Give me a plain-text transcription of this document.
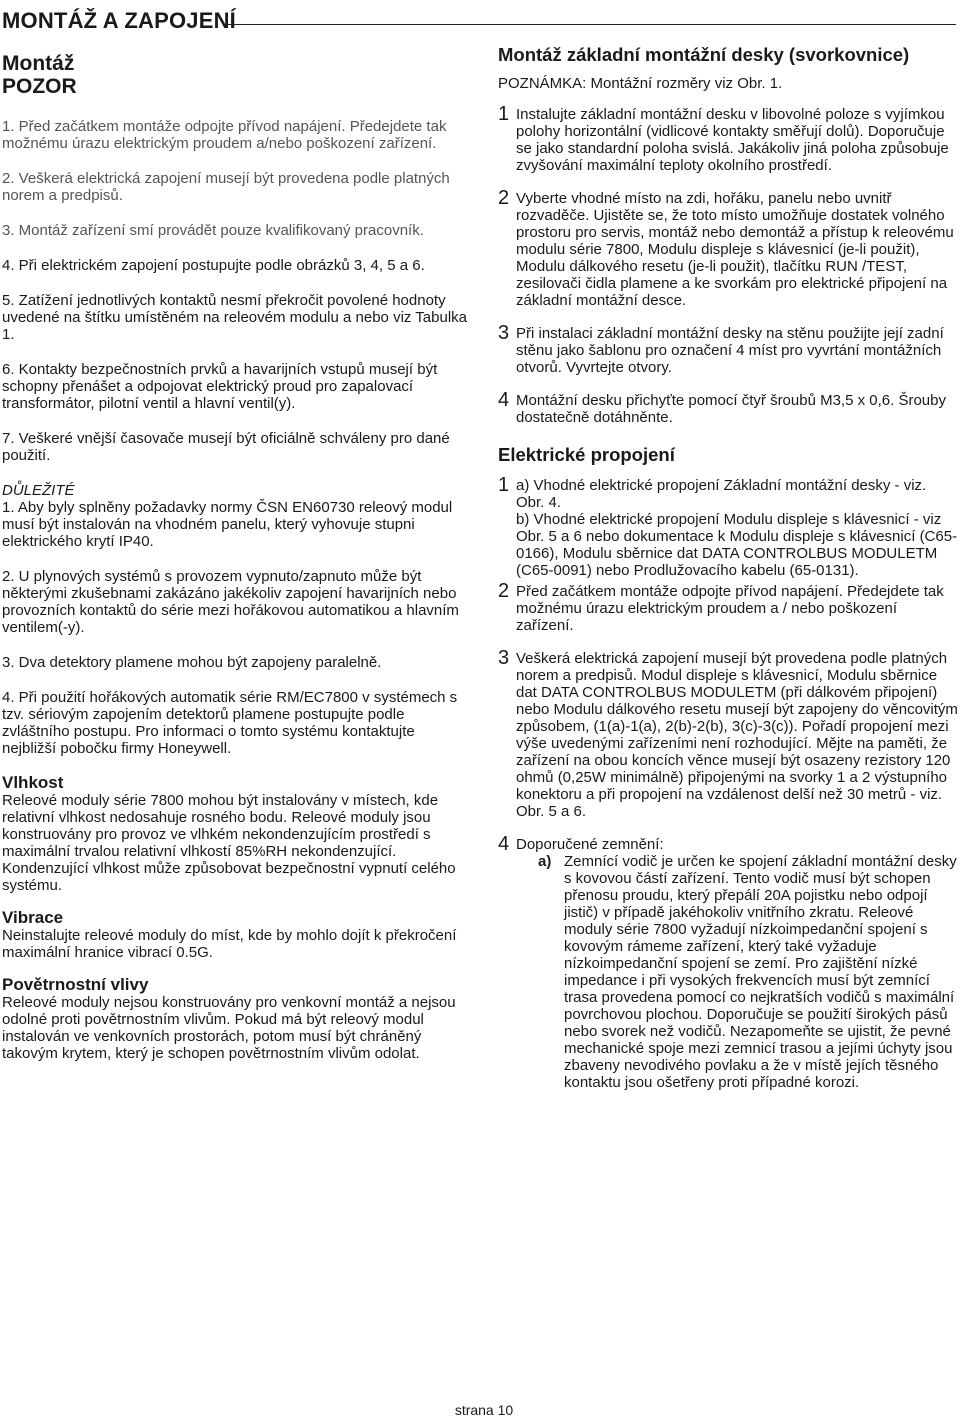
MONTÁŽ A ZAPOJENÍ

Montáž

POZOR

1. Před začátkem montáže odpojte přívod napájení. Předejdete tak možnému úrazu elektrickým proudem a/nebo poškození zařízení.

2. Veškerá elektrická zapojení musejí být provedena podle platných norem a predpisů.

3. Montáž zařízení smí provádět pouze kvalifikovaný pracovník.

4. Při elektrickém zapojení postupujte podle obrázků 3, 4, 5 a 6.

5. Zatížení jednotlivých kontaktů nesmí překročit povolené hodnoty uvedené na štítku umístěném na releovém modulu a nebo viz Tabulka 1.

6. Kontakty bezpečnostních prvků a havarijních vstupů musejí být schopny přenášet a odpojovat elektrický proud pro zapalovací transformátor, pilotní ventil a hlavní ventil(y).

7. Veškeré vnější časovače musejí být oficiálně schváleny pro dané použití.

DŮLEŽITÉ

1. Aby byly splněny požadavky normy ČSN EN60730 releový modul musí být instalován na vhodném panelu, který vyhovuje stupni elektrického krytí IP40.

2. U plynových systémů s provozem vypnuto/zapnuto může být některými zkušebnami zakázáno jakékoliv zapojení havarijních nebo provozních kontaktů do série mezi hořákovou automatikou a hlavním ventilem(-y).

3. Dva detektory plamene mohou být zapojeny paralelně.

4. Při použití hořákových automatik série RM/EC7800 v systémech s tzv. sériovým zapojením detektorů plamene postupujte podle zvláštního postupu. Pro informaci o tomto systému kontaktujte nejbližší pobočku firmy Honeywell.

Vlhkost

Releové moduly série 7800 mohou být instalovány v místech, kde relativní vlhkost nedosahuje rosného bodu. Releové moduly jsou konstruovány pro provoz ve vlhkém nekondenzujícím prostředí s maximální trvalou relativní vlhkostí 85%RH nekondenzující. Kondenzující vlhkost může způsobovat bezpečnostní vypnutí celého systému.

Vibrace

Neinstalujte releové moduly do míst, kde by mohlo dojít k překročení maximální hranice vibrací 0.5G.

Povětrnostní vlivy

Releové moduly nejsou konstruovány pro venkovní montáž a nejsou odolné proti povětrnostním vlivům. Pokud má být releový modul instalován ve venkovních prostorách, potom musí být chráněný takovým krytem, který je schopen povětrnostním vlivům odolat.

Montáž základní montážní desky (svorkovnice)

POZNÁMKA: Montážní rozměry viz Obr. 1.

1 Instalujte základní montážní desku v libovolné poloze s vyjímkou polohy horizontální (vidlicové kontakty směřují dolů). Doporučuje se jako standardní poloha svislá. Jakákoliv jiná poloha způsobuje zvyšování maximální teploty okolního prostředí.

2 Vyberte vhodné místo na zdi, hořáku, panelu nebo uvnitř rozvaděče. Ujistěte se, že toto místo umožňuje dostatek volného prostoru pro servis, montáž nebo demontáž a přístup k releovému modulu série 7800, Modulu displeje s klávesnicí (je-li použit), Modulu dálkového resetu (je-li použit), tlačítku RUN /TEST, zesilovači čidla plamene a ke svorkám pro elektrické připojení na základní montážní desce.

3 Při instalaci základní montážní desky na stěnu použijte její zadní stěnu jako šablonu pro označení 4 míst pro vyvrtání montážních otvorů. Vyvrtejte otvory.

4 Montážní desku přichyťte pomocí čtyř šroubů M3,5 x 0,6. Šrouby dostatečně dotáhněnte.

Elektrické propojení

1 a) Vhodné elektrické propojení Základní montážní desky - viz. Obr. 4.

b) Vhodné elektrické propojení Modulu displeje s klávesnicí - viz Obr. 5 a 6 nebo dokumentace k Modulu displeje s klávesnicí (C65-0166), Modulu sběrnice dat DATA CONTROLBUS MODULETM (C65-0091) nebo Prodlužovacího kabelu (65-0131).

2 Před začátkem montáže odpojte přívod napájení. Předejdete tak možnému úrazu elektrickým proudem a / nebo poškození zařízení.

3 Veškerá elektrická zapojení musejí být provedena podle platných norem a predpisů. Modul displeje s klávesnicí, Modulu sběrnice dat DATA CONTROLBUS MODULETM (při dálkovém připojení) nebo Modulu dálkového resetu musejí být zapojeny do věncovitým způsobem, (1(a)-1(a), 2(b)-2(b), 3(c)-3(c)). Pořadí propojení mezi výše uvedenými zařízeními není rozhodující. Mějte na paměti, že zařízení na obou koncích věnce musejí být osazeny rezistory 120 ohmů (0,25W minimálně) připojenými na svorky 1 a 2 výstupního konektoru a při propojení na vzdálenost delší než 30 metrů - viz. Obr. 5 a 6.

4 Doporučené zemnění:

a) Zemnící vodič je určen ke spojení základní montážní desky s kovovou částí zařízení. Tento vodič musí být schopen přenosu proudu, který přepálí 20A pojistku nebo odpojí jistič) v případě jakéhokoliv vnitřního zkratu. Releové moduly série 7800 vyžadují nízkoimpedanční spojení s kovovým rámeme zařízení, který také vyžaduje nízkoimpedanční spojení se zemí. Pro zajištění nízké impedance i při vysokých frekvencích musí být zemnící trasa provedena pomocí co nejkratších vodičů s maximální povrchovou plochou. Doporučuje se použití širokých pásů nebo svorek než vodičů. Nezapomeňte se ujistit, že pevné mechanické spoje mezi zemnicí trasou a jejími úchyty jsou zbaveny nevodivého povlaku a že v místě jejích těsného kontaktu jsou ošetřeny proti případné korozi.

strana 10
